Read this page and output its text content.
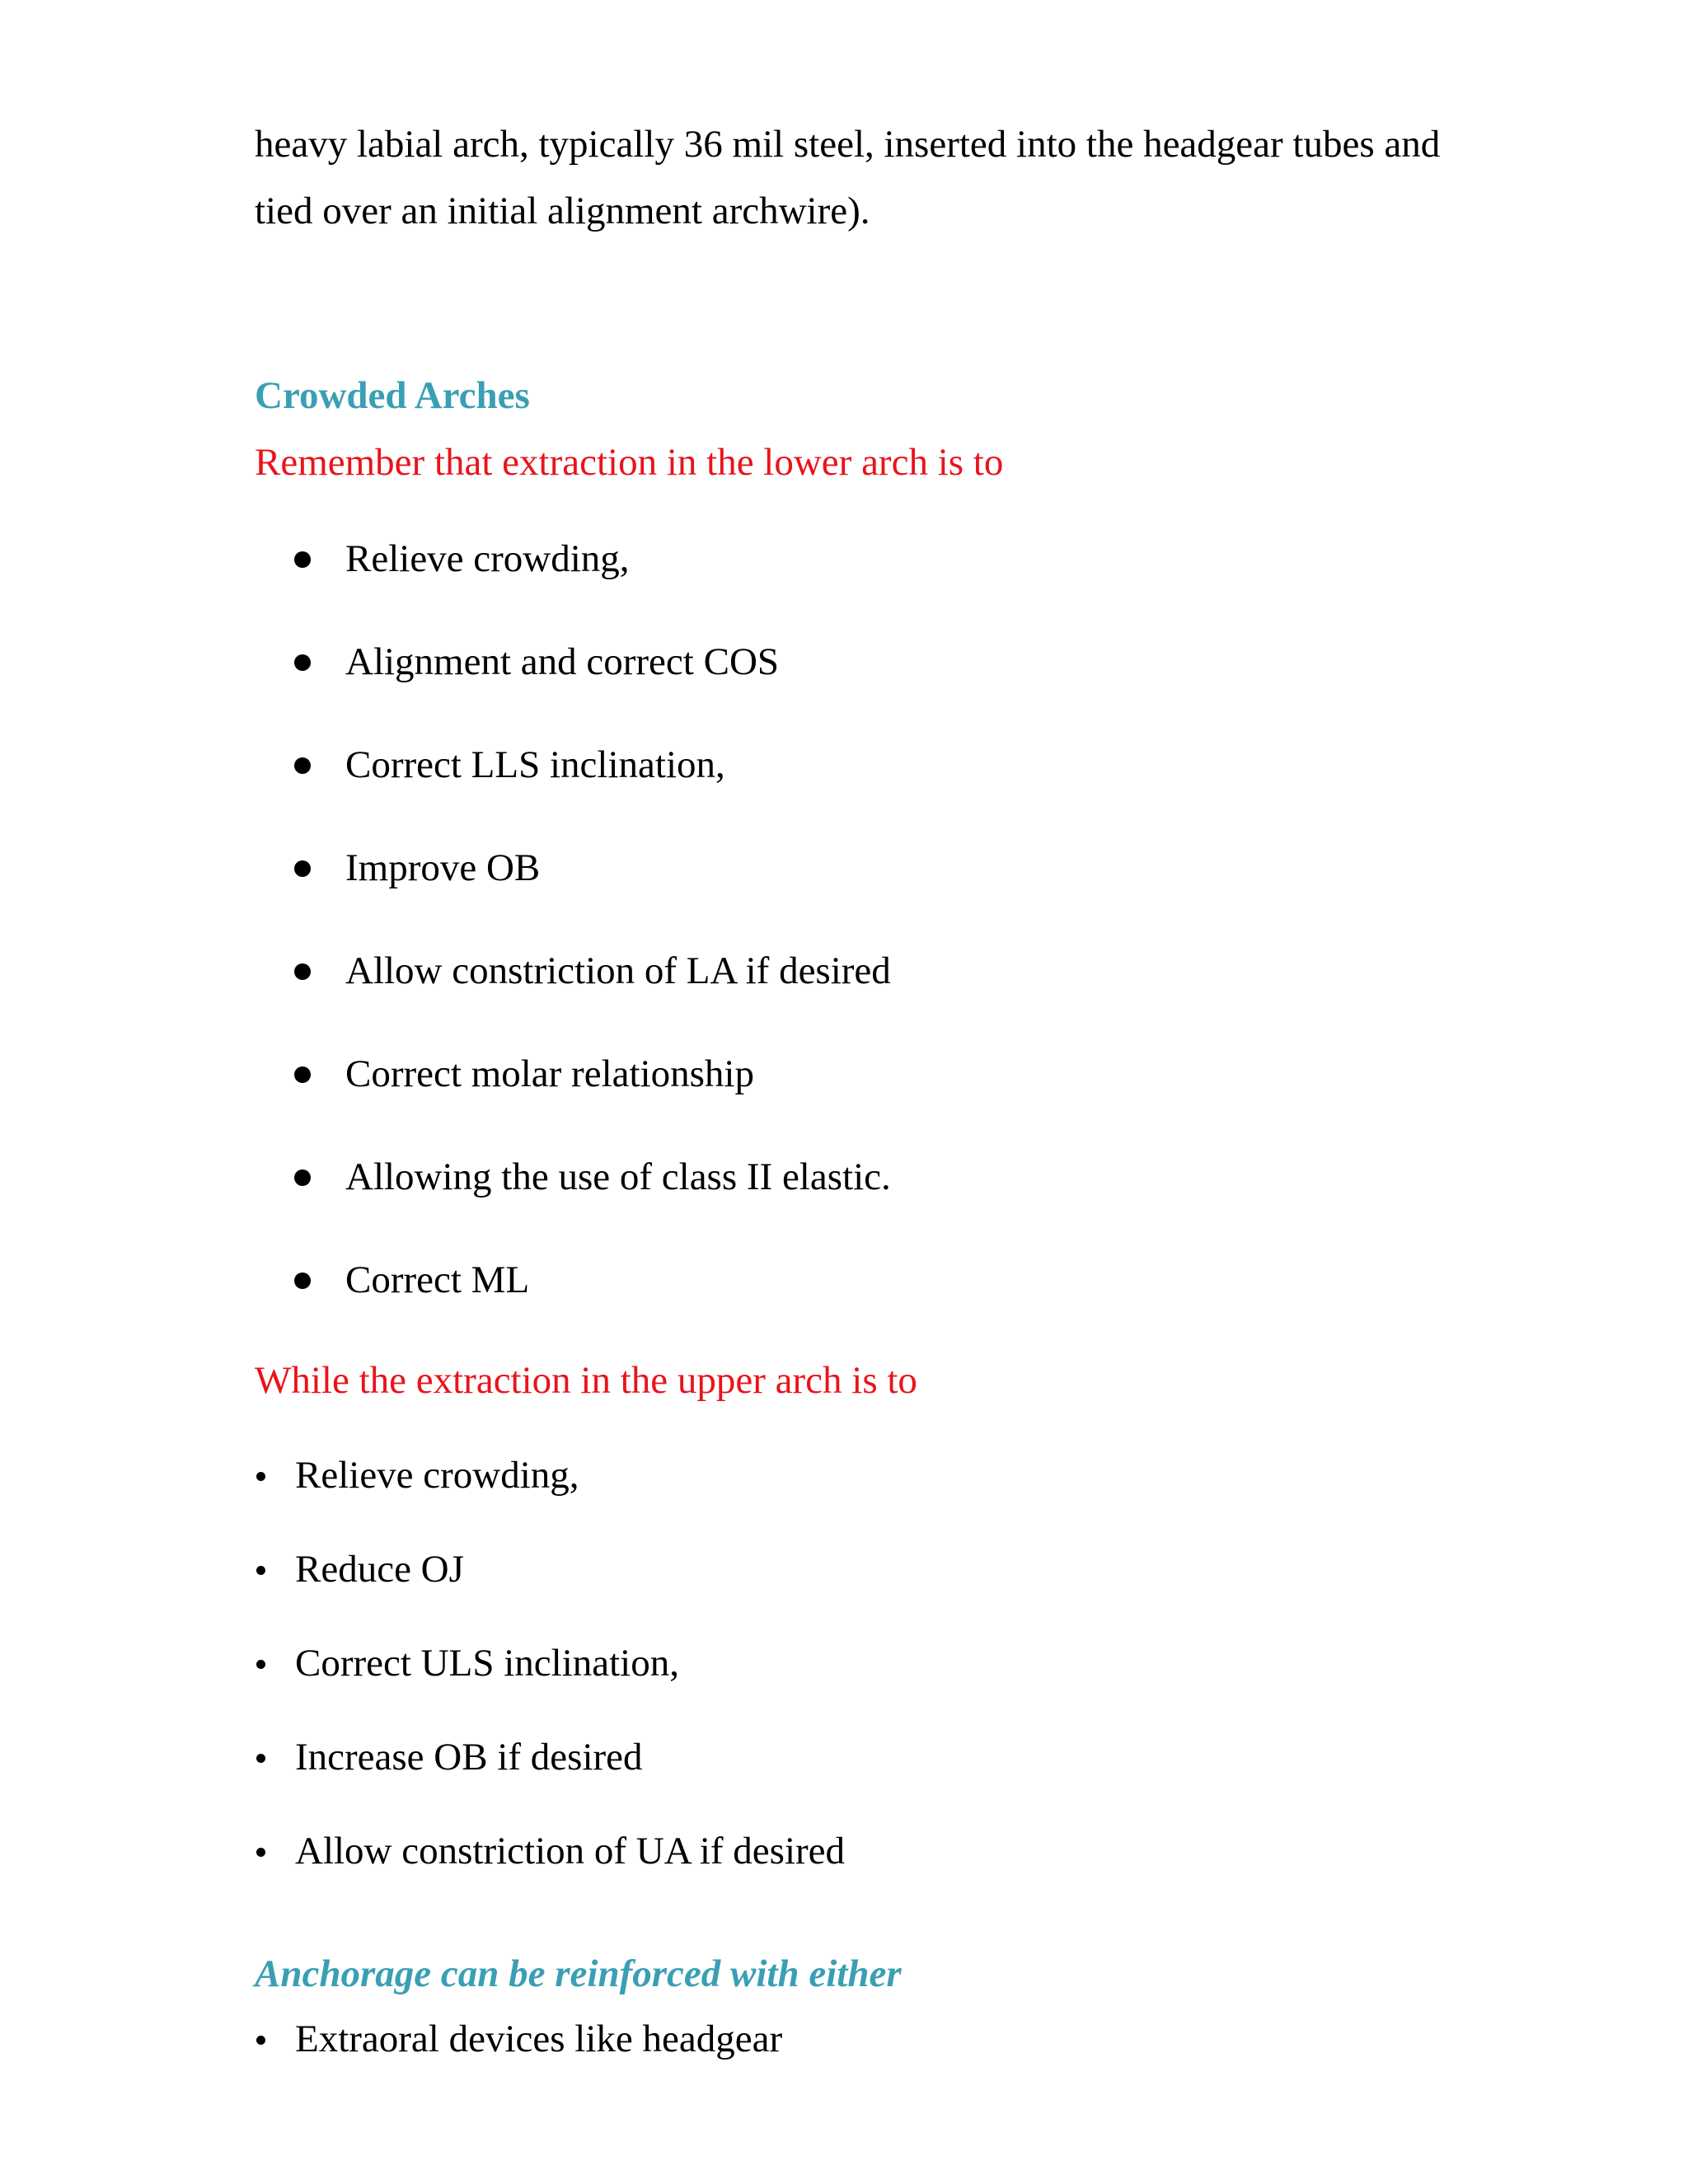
heavy labial arch, typically 36 mil steel, inserted into the headgear tubes and
tied over an initial alignment archwire).
Crowded Arches
Remember that extraction in the lower arch is to
Relieve crowding,
Alignment and correct COS
Correct LLS inclination,
Improve OB
Allow constriction of LA if desired
Correct molar relationship
Allowing the use of class II elastic.
Correct ML
While the extraction in the upper arch is to
Relieve crowding,
Reduce OJ
Correct ULS inclination,
Increase OB if desired
Allow constriction of UA if desired
Anchorage can be reinforced with either
Extraoral devices like headgear
